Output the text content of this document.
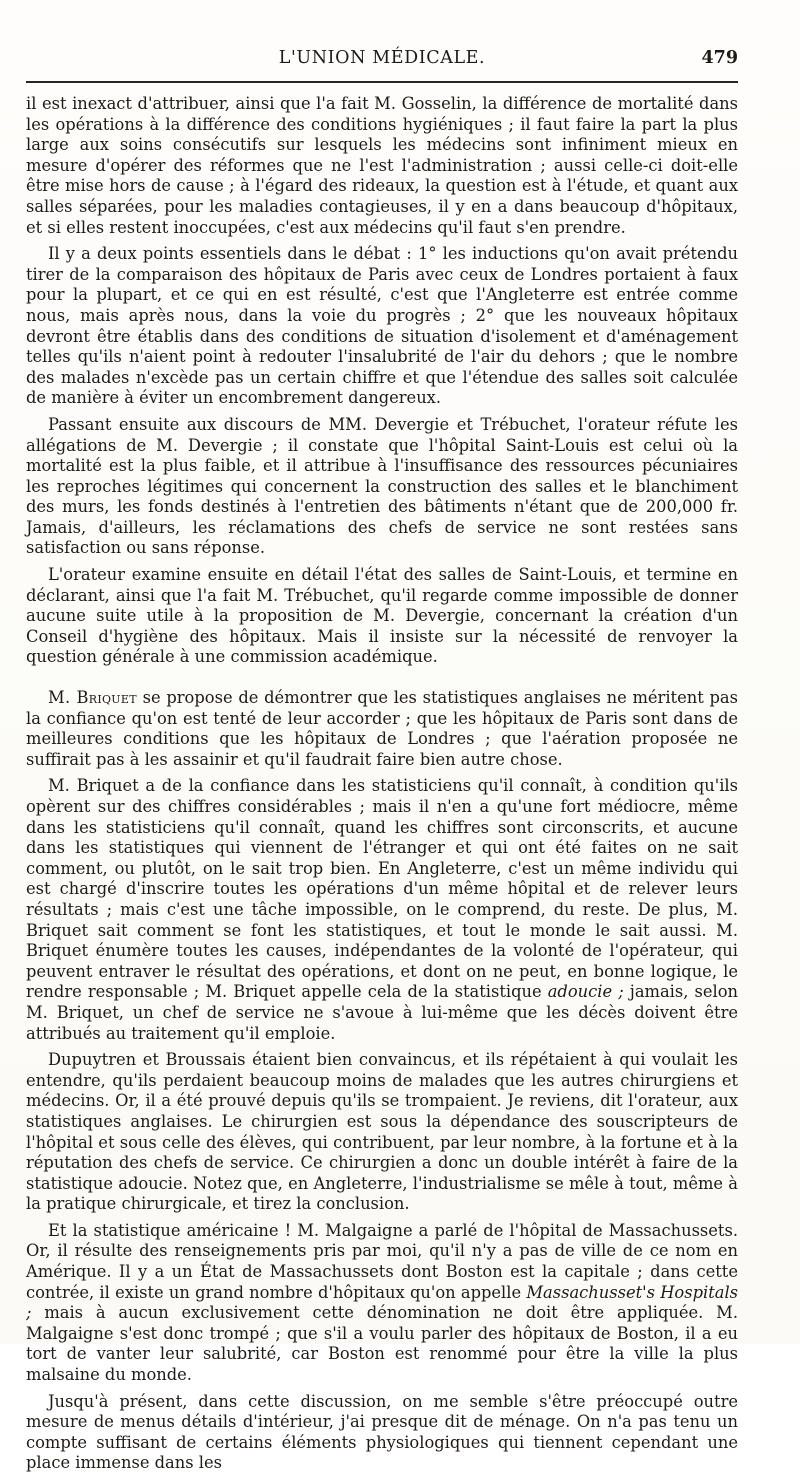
L'UNION MÉDICALE.	479

il est inexact d'attribuer, ainsi que l'a fait M. Gosselin, la différence de mortalité dans les opérations à la différence des conditions hygiéniques ; il faut faire la part la plus large aux soins consécutifs sur lesquels les médecins sont infiniment mieux en mesure d'opérer des réformes que ne l'est l'administration ; aussi celle-ci doit-elle être mise hors de cause ; à l'égard des rideaux, la question est à l'étude, et quant aux salles séparées, pour les maladies contagieuses, il y en a dans beaucoup d'hôpitaux, et si elles restent inoccupées, c'est aux médecins qu'il faut s'en prendre.

Il y a deux points essentiels dans le débat : 1° les inductions qu'on avait prétendu tirer de la comparaison des hôpitaux de Paris avec ceux de Londres portaient à faux pour la plupart, et ce qui en est résulté, c'est que l'Angleterre est entrée comme nous, mais après nous, dans la voie du progrès ; 2° que les nouveaux hôpitaux devront être établis dans des conditions de situation d'isolement et d'aménagement telles qu'ils n'aient point à redouter l'insalubrité de l'air du dehors ; que le nombre des malades n'excède pas un certain chiffre et que l'étendue des salles soit calculée de manière à éviter un encombrement dangereux.

Passant ensuite aux discours de MM. Devergie et Trébuchet, l'orateur réfute les allégations de M. Devergie ; il constate que l'hôpital Saint-Louis est celui où la mortalité est la plus faible, et il attribue à l'insuffisance des ressources pécuniaires les reproches légitimes qui concernent la construction des salles et le blanchiment des murs, les fonds destinés à l'entretien des bâtiments n'étant que de 200,000 fr. Jamais, d'ailleurs, les réclamations des chefs de service ne sont restées sans satisfaction ou sans réponse.

L'orateur examine ensuite en détail l'état des salles de Saint-Louis, et termine en déclarant, ainsi que l'a fait M. Trébuchet, qu'il regarde comme impossible de donner aucune suite utile à la proposition de M. Devergie, concernant la création d'un Conseil d'hygiène des hôpitaux. Mais il insiste sur la nécessité de renvoyer la question générale à une commission académique.

M. Briquet se propose de démontrer que les statistiques anglaises ne méritent pas la confiance qu'on est tenté de leur accorder ; que les hôpitaux de Paris sont dans de meilleures conditions que les hôpitaux de Londres ; que l'aération proposée ne suffirait pas à les assainir et qu'il faudrait faire bien autre chose.

M. Briquet a de la confiance dans les statisticiens qu'il connaît, à condition qu'ils opèrent sur des chiffres considérables ; mais il n'en a qu'une fort médiocre, même dans les statisticiens qu'il connaît, quand les chiffres sont circonscrits, et aucune dans les statistiques qui viennent de l'étranger et qui ont été faites on ne sait comment, ou plutôt, on le sait trop bien. En Angleterre, c'est un même individu qui est chargé d'inscrire toutes les opérations d'un même hôpital et de relever leurs résultats ; mais c'est une tâche impossible, on le comprend, du reste. De plus, M. Briquet sait comment se font les statistiques, et tout le monde le sait aussi. M. Briquet énumère toutes les causes, indépendantes de la volonté de l'opérateur, qui peuvent entraver le résultat des opérations, et dont on ne peut, en bonne logique, le rendre responsable ; M. Briquet appelle cela de la statistique adoucie ; jamais, selon M. Briquet, un chef de service ne s'avoue à lui-même que les décès doivent être attribués au traitement qu'il emploie.

Dupuytren et Broussais étaient bien convaincus, et ils répétaient à qui voulait les entendre, qu'ils perdaient beaucoup moins de malades que les autres chirurgiens et médecins. Or, il a été prouvé depuis qu'ils se trompaient. Je reviens, dit l'orateur, aux statistiques anglaises. Le chirurgien est sous la dépendance des souscripteurs de l'hôpital et sous celle des élèves, qui contribuent, par leur nombre, à la fortune et à la réputation des chefs de service. Ce chirurgien a donc un double intérêt à faire de la statistique adoucie. Notez que, en Angleterre, l'industrialisme se mêle à tout, même à la pratique chirurgicale, et tirez la conclusion.

Et la statistique américaine ! M. Malgaigne a parlé de l'hôpital de Massachussets. Or, il résulte des renseignements pris par moi, qu'il n'y a pas de ville de ce nom en Amérique. Il y a un État de Massachussets dont Boston est la capitale ; dans cette contrée, il existe un grand nombre d'hôpitaux qu'on appelle Massachusset's Hospitals ; mais à aucun exclusivement cette dénomination ne doit être appliquée. M. Malgaigne s'est donc trompé ; que s'il a voulu parler des hôpitaux de Boston, il a eu tort de vanter leur salubrité, car Boston est renommé pour être la ville la plus malsaine du monde.

Jusqu'à présent, dans cette discussion, on me semble s'être préoccupé outre mesure de menus détails d'intérieur, j'ai presque dit de ménage. On n'a pas tenu un compte suffisant de certains éléments physiologiques qui tiennent cependant une place immense dans les
